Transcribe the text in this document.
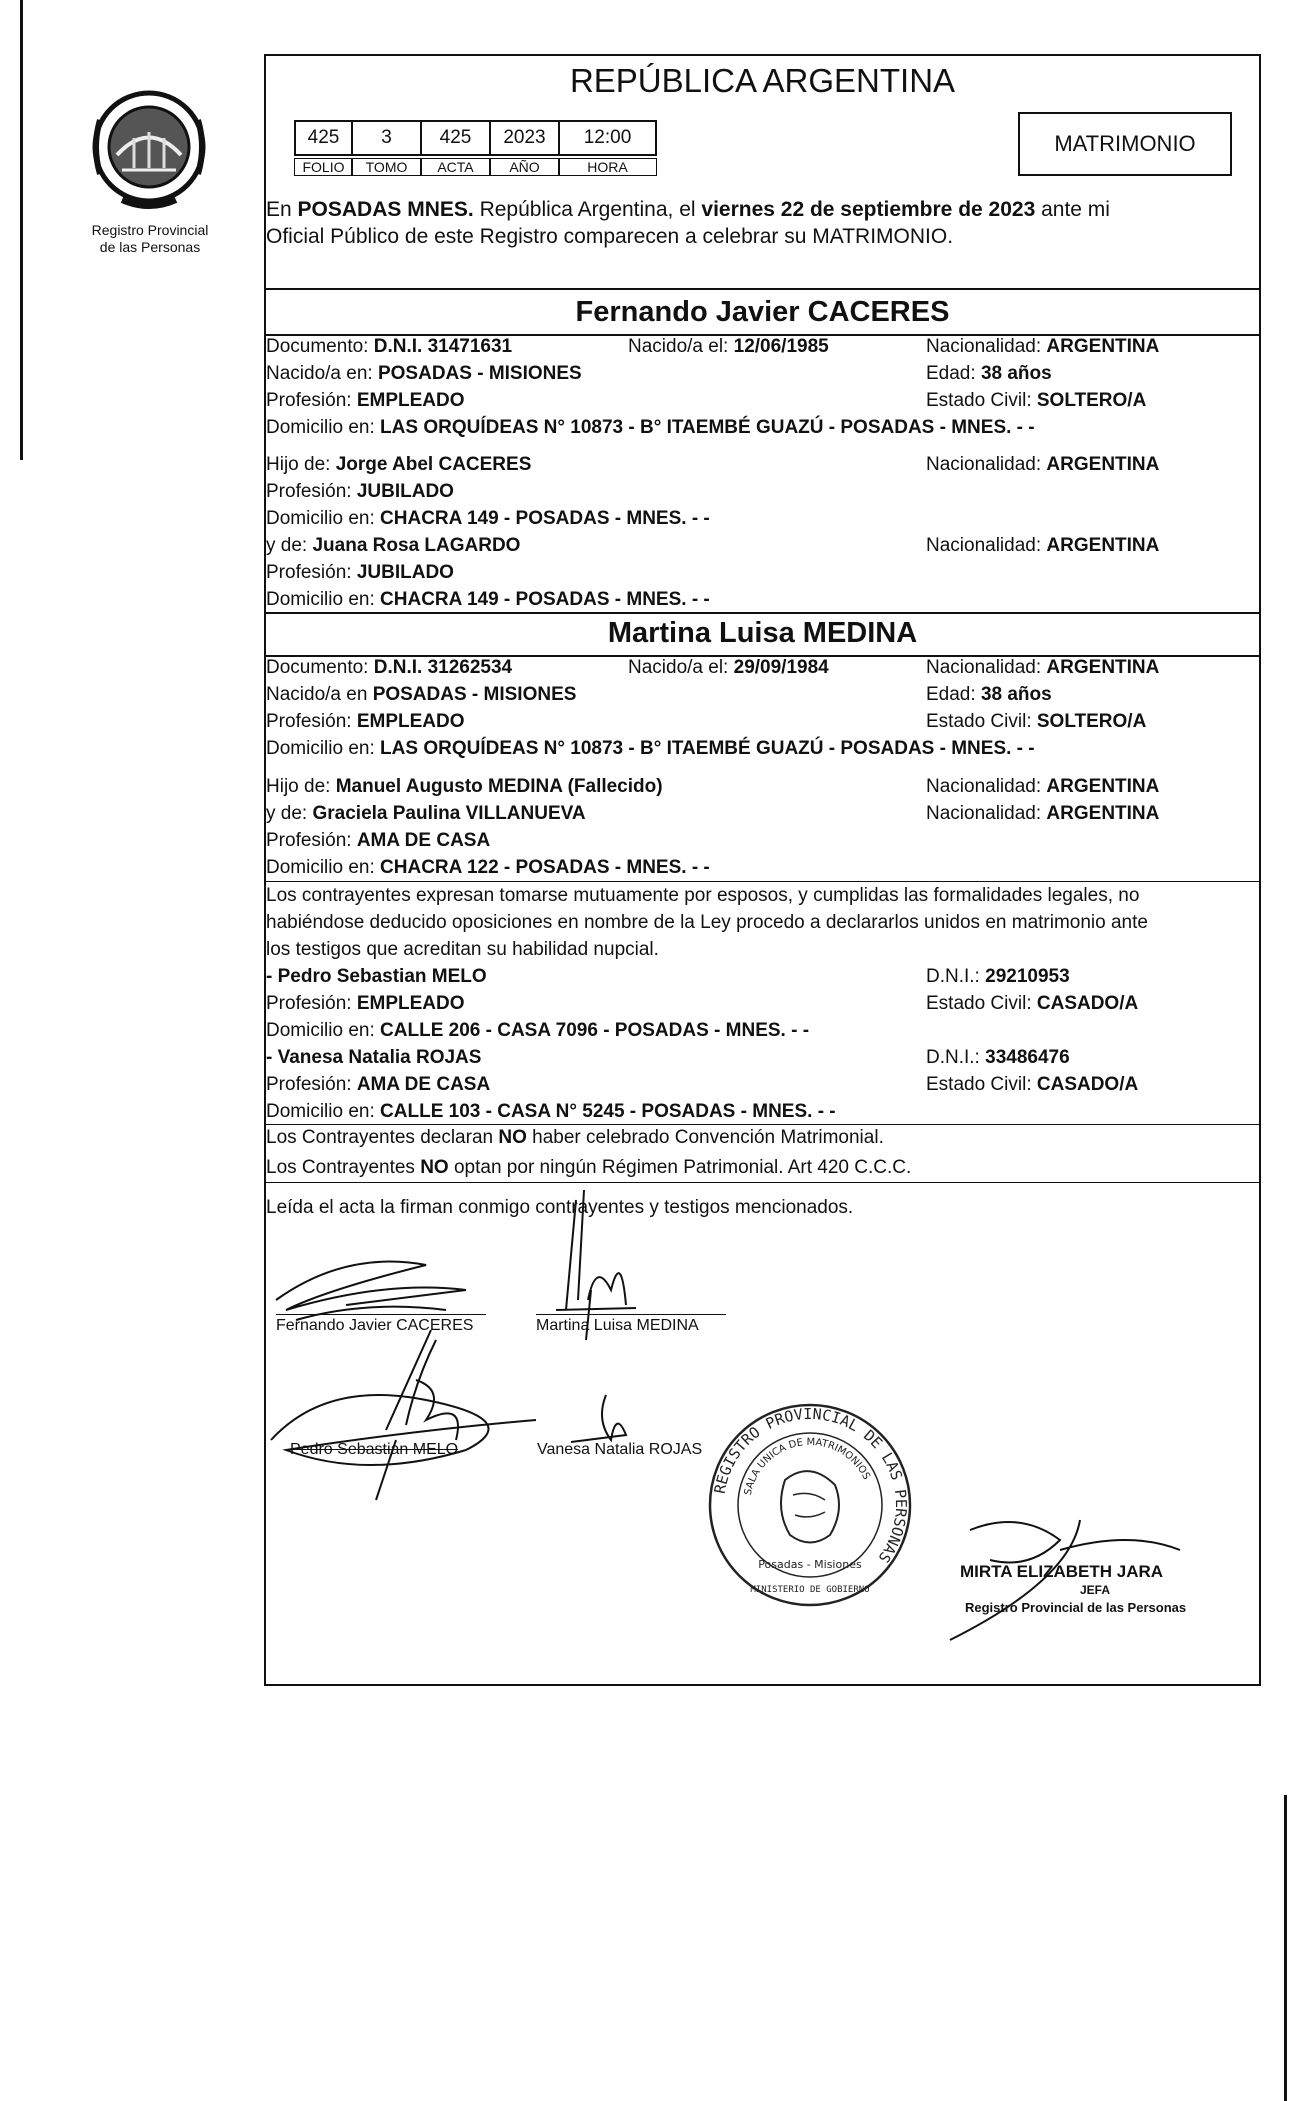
Registro Provincial
de las Personas
REPÚBLICA ARGENTINA
425	3	425	2023	12:00
FOLIO	TOMO	ACTA	AÑO	HORA
MATRIMONIO
En POSADAS MNES. República Argentina, el viernes 22 de septiembre de 2023 ante mi
Oficial Público de este Registro comparecen a celebrar su MATRIMONIO.
Fernando Javier CACERES
Documento: D.N.I. 31471631	Nacido/a el: 12/06/1985	Nacionalidad: ARGENTINA
Nacido/a en: POSADAS - MISIONES	Edad: 38 años
Profesión: EMPLEADO	Estado Civil: SOLTERO/A
Domicilio en: LAS ORQUÍDEAS N° 10873 - B° ITAEMBÉ GUAZÚ - POSADAS - MNES. - -
Hijo de: Jorge Abel CACERES	Nacionalidad: ARGENTINA
Profesión: JUBILADO
Domicilio en: CHACRA 149 - POSADAS - MNES. - -
y de: Juana Rosa LAGARDO	Nacionalidad: ARGENTINA
Profesión: JUBILADO
Domicilio en: CHACRA 149 - POSADAS - MNES. - -
Martina Luisa MEDINA
Documento: D.N.I. 31262534	Nacido/a el: 29/09/1984	Nacionalidad: ARGENTINA
Nacido/a en POSADAS - MISIONES	Edad: 38 años
Profesión: EMPLEADO	Estado Civil: SOLTERO/A
Domicilio en: LAS ORQUÍDEAS N° 10873 - B° ITAEMBÉ GUAZÚ - POSADAS - MNES. - -
Hijo de: Manuel Augusto MEDINA (Fallecido)	Nacionalidad: ARGENTINA
y de: Graciela Paulina VILLANUEVA	Nacionalidad: ARGENTINA
Profesión: AMA DE CASA
Domicilio en: CHACRA 122 - POSADAS - MNES. - -
Los contrayentes expresan tomarse mutuamente por esposos, y cumplidas las formalidades legales, no
habiéndose deducido oposiciones en nombre de la Ley procedo a declararlos unidos en matrimonio ante
los testigos que acreditan su habilidad nupcial.
- Pedro Sebastian MELO	D.N.I.: 29210953
Profesión: EMPLEADO	Estado Civil: CASADO/A
Domicilio en: CALLE 206 - CASA 7096 - POSADAS - MNES. - -
- Vanesa Natalia ROJAS	D.N.I.: 33486476
Profesión: AMA DE CASA	Estado Civil: CASADO/A
Domicilio en: CALLE 103 - CASA N° 5245 - POSADAS - MNES. - -
Los Contrayentes declaran NO haber celebrado Convención Matrimonial.
Los Contrayentes NO optan por ningún Régimen Patrimonial. Art 420 C.C.C.
Leída el acta la firman conmigo contrayentes y testigos mencionados.
Fernando Javier CACERES	Martina Luisa MEDINA
Pedro Sebastian MELO	Vanesa Natalia ROJAS
REGISTRO PROVINCIAL DE LAS PERSONAS
SALA UNICA DE MATRIMONIOS
Posadas - Misiones
MINISTERIO DE GOBIERNO
MIRTA ELIZABETH JARA
JEFA
Registro Provincial de las Personas
